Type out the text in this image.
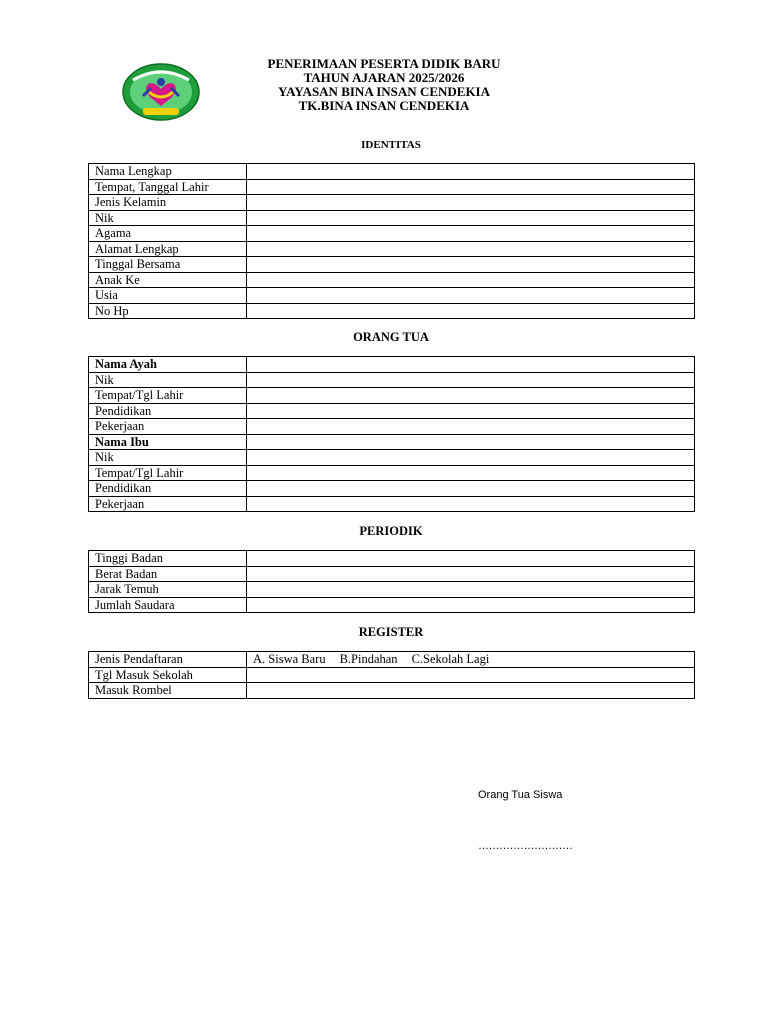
PENERIMAAN PESERTA DIDIK BARU
TAHUN AJARAN 2025/2026
YAYASAN BINA INSAN CENDEKIA
TK.BINA INSAN CENDEKIA
IDENTITAS
Nama Lengkap	
Tempat, Tanggal Lahir	
Jenis Kelamin	
Nik	
Agama	
Alamat Lengkap	
Tinggal Bersama	
Anak Ke	
Usia	
No Hp	
ORANG TUA
Nama Ayah	
Nik	
Tempat/Tgl Lahir	
Pendidikan	
Pekerjaan	
Nama Ibu	
Nik	
Tempat/Tgl Lahir	
Pendidikan	
Pekerjaan	
PERIODIK
Tinggi Badan	
Berat Badan	
Jarak Temuh	
Jumlah Saudara	
REGISTER
Jenis Pendaftaran	A. Siswa Baru B.Pindahan C.Sekolah Lagi
Tgl Masuk Sekolah	
Masuk Rombel	
Orang Tua Siswa
………………………
